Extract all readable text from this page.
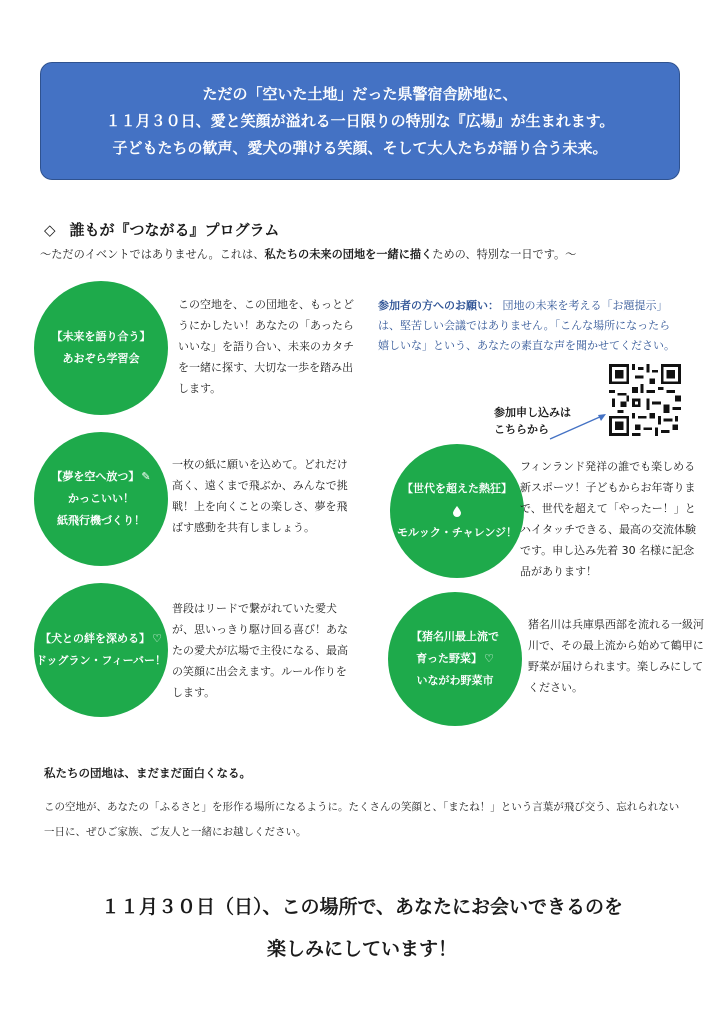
ただの「空いた土地」だった県警宿舎跡地に、
１１月３０日、愛と笑顔が溢れる一日限りの特別な『広場』が生まれます。
子どもたちの歓声、愛犬の弾ける笑顔、そして大人たちが語り合う未来。
◇ 誰もが『つながる』プログラム
〜ただのイベントではありません。これは、私たちの未来の団地を一緒に描くための、特別な一日です。〜
【未来を語り合う】
あおぞら学習会
この空地を、この団地を、もっとどうにかしたい！あなたの「あったらいいな」を語り合い、未来のカタチを一緒に探す、大切な一歩を踏み出します。
参加者の方へのお願い： 団地の未来を考える「お題提示」は、堅苦しい会議ではありません。「こんな場所になったら嬉しいな」という、あなたの素直な声を聞かせてください。
参加申し込みは
こちらから
【夢を空へ放つ】 ✎
かっこいい！
紙飛行機づくり！
一枚の紙に願いを込めて。どれだけ高く、遠くまで飛ぶか、みんなで挑戦！上を向くことの楽しさ、夢を飛ばす感動を共有しましょう。
【世代を超えた熱狂】
モルック・チャレンジ！
フィンランド発祥の誰でも楽しめる新スポーツ！子どもからお年寄りまで、世代を超えて「やったー！」とハイタッチできる、最高の交流体験です。申し込み先着 30 名様に記念品があります！
【犬との絆を深める】 ♡
ドッグラン・フィーバー！
普段はリードで繋がれていた愛犬が、思いっきり駆け回る喜び！あなたの愛犬が広場で主役になる、最高の笑顔に出会えます。ルール作りをします。
【猪名川最上流で
育った野菜】 ♡
いながわ野菜市
猪名川は兵庫県西部を流れる一級河川で、その最上流から始めて鶴甲に野菜が届けられます。楽しみにしてください。
私たちの団地は、まだまだ面白くなる。
この空地が、あなたの「ふるさと」を形作る場所になるように。たくさんの笑顔と、「またね！」という言葉が飛び交う、忘れられない一日に、ぜひご家族、ご友人と一緒にお越しください。
１１月３０日（日）、この場所で、あなたにお会いできるのを
楽しみにしています！
